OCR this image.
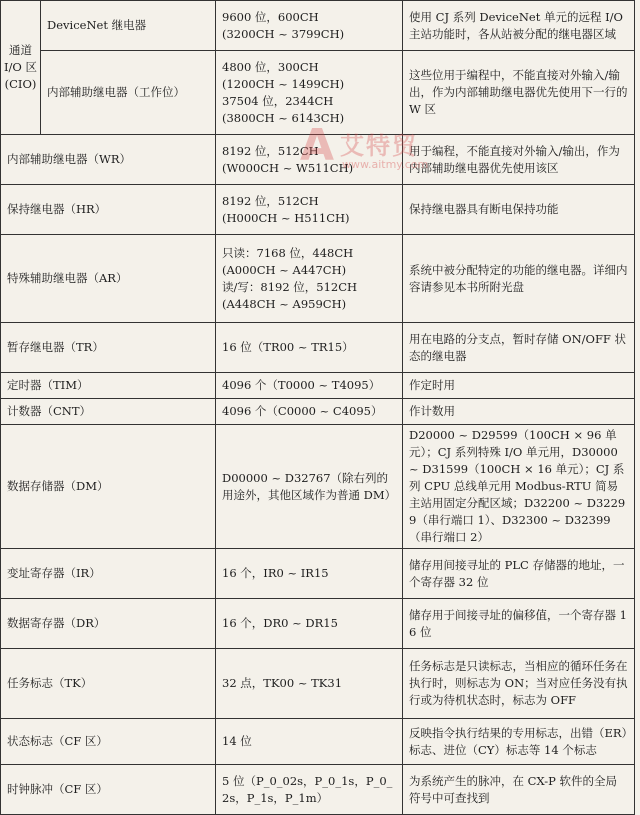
通道
I/O 区
(CIO)	DeviceNet 继电器	9600 位，600CH
(3200CH ~ 3799CH)	使用 CJ 系列 DeviceNet 单元的远程 I/O 主站功能时，各从站被分配的继电器区域
	内部辅助继电器（工作位）	4800 位，300CH
(1200CH ~ 1499CH)
37504 位，2344CH
(3800CH ~ 6143CH)	这些位用于编程中，不能直接对外输入/输出，作为内部辅助继电器优先使用下一行的 W 区
内部辅助继电器（WR）		8192 位，512CH
(W000CH ~ W511CH)	用于编程，不能直接对外输入/输出，作为内部辅助继电器优先使用该区
保持继电器（HR）		8192 位，512CH
(H000CH ~ H511CH)	保持继电器具有断电保持功能
特殊辅助继电器（AR）		只读：7168 位，448CH
(A000CH ~ A447CH)
读/写：8192 位，512CH
(A448CH ~ A959CH)	系统中被分配特定的功能的继电器。详细内容请参见本书所附光盘
暂存继电器（TR）		16 位（TR00 ~ TR15）	用在电路的分支点，暂时存储 ON/OFF 状态的继电器
定时器（TIM）		4096 个（T0000 ~ T4095）	作定时用
计数器（CNT）		4096 个（C0000 ~ C4095）	作计数用
数据存储器（DM）		D00000 ~ D32767（除右列的用途外，其他区域作为普通 DM）	D20000 ~ D29599（100CH × 96 单元）；CJ 系列特殊 I/O 单元用，D30000 ~ D31599（100CH × 16 单元）；CJ 系列 CPU 总线单元用 Modbus-RTU 简易主站用固定分配区域；D32200 ~ D32299（串行端口 1）、D32300 ~ D32399（串行端口 2）
变址寄存器（IR）		16 个，IR0 ~ IR15	储存用间接寻址的 PLC 存储器的地址，一个寄存器 32 位
数据寄存器（DR）		16 个，DR0 ~ DR15	储存用于间接寻址的偏移值，一个寄存器 16 位
任务标志（TK）		32 点，TK00 ~ TK31	任务标志是只读标志，当相应的循环任务在执行时，则标志为 ON；当对应任务没有执行或为待机状态时，标志为 OFF
状态标志（CF 区）		14 位	反映指令执行结果的专用标志，出错（ER）标志、进位（CY）标志等 14 个标志
时钟脉冲（CF 区）		5 位（P_0_02s，P_0_1s，P_0_2s，P_1s，P_1m）	为系统产生的脉冲，在 CX-P 软件的全局符号中可查找到
A 艾特贸
www.aitmy.com
